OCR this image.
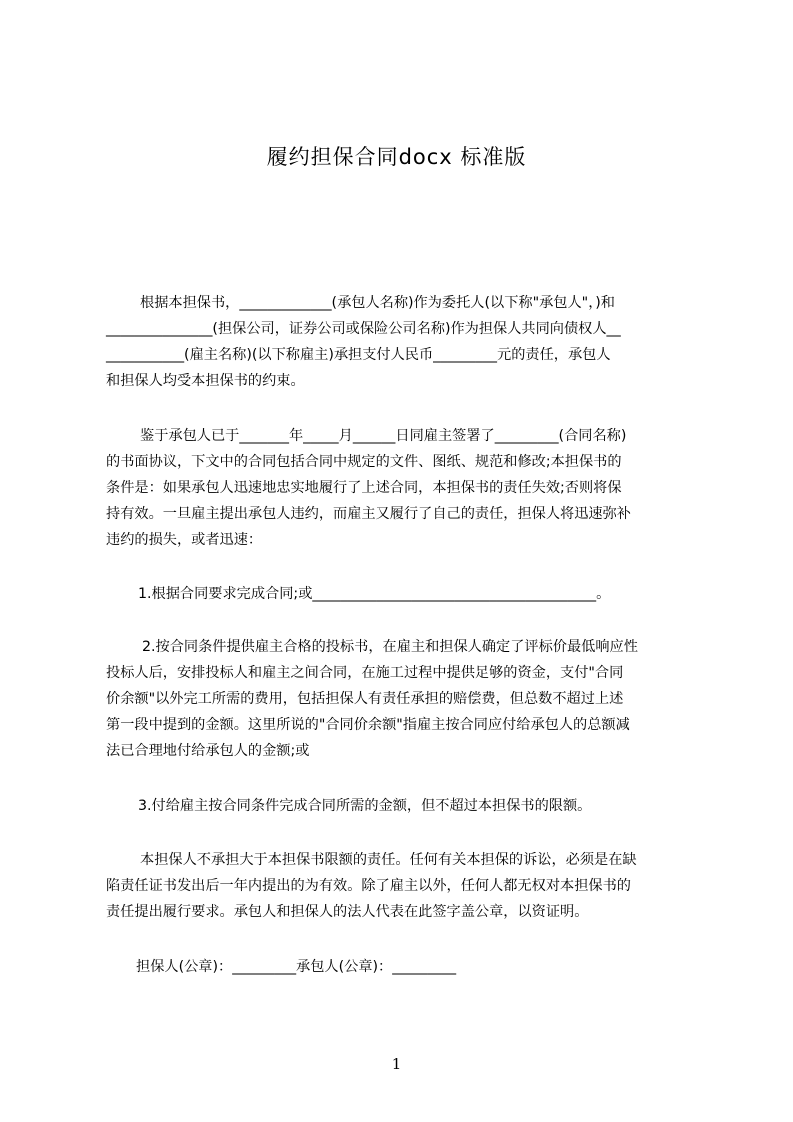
履约担保合同docx 标准版
根据本担保书，_____________(承包人名称)作为委托人(以下称"承包人"，)和
_______________(担保公司，证券公司或保险公司名称)作为担保人共同向债权人__
___________(雇主名称)(以下称雇主)承担支付人民币_________元的责任，承包人
和担保人均受本担保书的约束。
鉴于承包人已于_______年_____月______日同雇主签署了_________(合同名称)
的书面协议，下文中的合同包括合同中规定的文件、图纸、规范和修改;本担保书的
条件是：如果承包人迅速地忠实地履行了上述合同，本担保书的责任失效;否则将保
持有效。一旦雇主提出承包人违约，而雇主又履行了自己的责任，担保人将迅速弥补
违约的损失，或者迅速：
1.根据合同要求完成合同;或________________________________________。
2.按合同条件提供雇主合格的投标书，在雇主和担保人确定了评标价最低响应性
投标人后，安排投标人和雇主之间合同，在施工过程中提供足够的资金，支付"合同
价余额"以外完工所需的费用，包括担保人有责任承担的赔偿费，但总数不超过上述
第一段中提到的金额。这里所说的"合同价余额"指雇主按合同应付给承包人的总额减
法已合理地付给承包人的金额;或
3.付给雇主按合同条件完成合同所需的金额，但不超过本担保书的限额。
本担保人不承担大于本担保书限额的责任。任何有关本担保的诉讼，必须是在缺
陷责任证书发出后一年内提出的为有效。除了雇主以外，任何人都无权对本担保书的
责任提出履行要求。承包人和担保人的法人代表在此签字盖公章，以资证明。
担保人(公章)：_________承包人(公章)：_________
1
